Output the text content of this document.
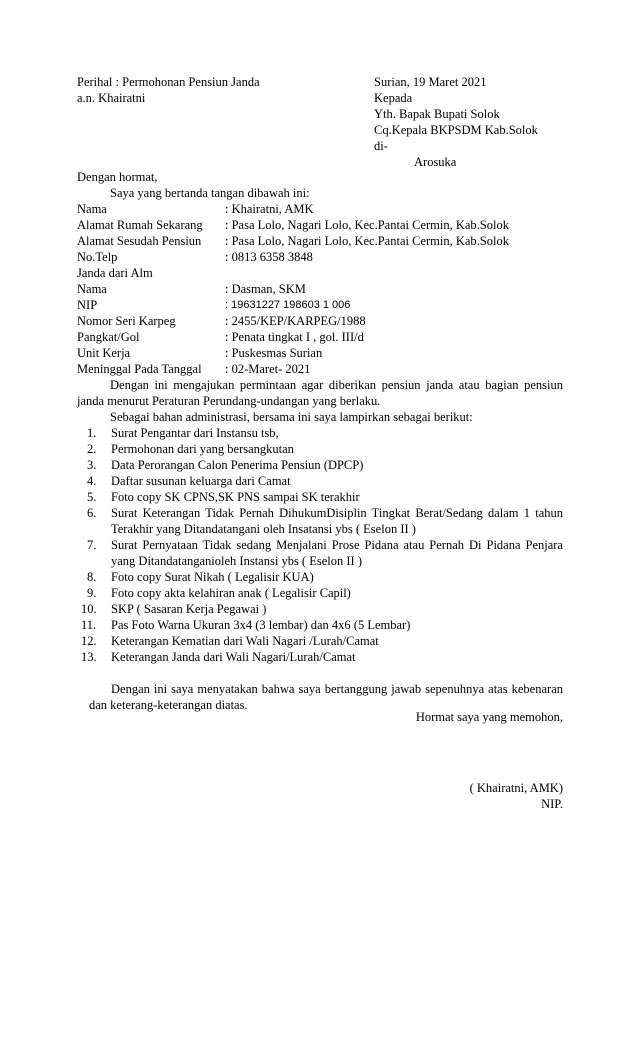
Perihal : Permohonan Pensiun Janda
a.n. Khairatni
Surian, 19 Maret 2021
Kepada
Yth. Bapak Bupati Solok
Cq.Kepala BKPSDM Kab.Solok
di-
Arosuka
Dengan hormat,
Saya yang bertanda tangan dibawah ini:
Nama	: Khairatni, AMK
Alamat Rumah Sekarang	: Pasa Lolo, Nagari Lolo, Kec.Pantai Cermin, Kab.Solok
Alamat Sesudah Pensiun	: Pasa Lolo, Nagari Lolo, Kec.Pantai Cermin, Kab.Solok
No.Telp	: 0813 6358 3848
Janda dari Alm
Nama	: Dasman, SKM
NIP	: 19631227 198603 1 006
Nomor Seri Karpeg	: 2455/KEP/KARPEG/1988
Pangkat/Gol	: Penata tingkat I , gol. III/d
Unit Kerja	: Puskesmas Surian
Meninggal Pada Tanggal	: 02-Maret- 2021
Dengan ini mengajukan permintaan agar diberikan pensiun janda atau bagian pensiun janda menurut Peraturan Perundang-undangan yang berlaku.
Sebagai bahan administrasi, bersama ini saya lampirkan sebagai berikut:
1. Surat Pengantar dari Instansu tsb,
2. Permohonan dari yang bersangkutan
3. Data Perorangan Calon Penerima Pensiun (DPCP)
4. Daftar susunan keluarga dari Camat
5. Foto copy SK CPNS,SK PNS sampai SK terakhir
6. Surat Keterangan Tidak Pernah DihukumDisiplin Tingkat Berat/Sedang dalam 1 tahun Terakhir yang Ditandatangani oleh Insatansi ybs ( Eselon II )
7. Surat Pernyataan Tidak sedang Menjalani Prose Pidana atau Pernah Di Pidana Penjara yang Ditandatanganioleh Instansi ybs ( Eselon II )
8. Foto copy Surat Nikah ( Legalisir KUA)
9. Foto copy akta kelahiran anak ( Legalisir Capil)
10. SKP ( Sasaran Kerja Pegawai )
11. Pas Foto Warna Ukuran 3x4 (3 lembar) dan 4x6 (5 Lembar)
12. Keterangan Kematian dari Wali Nagari /Lurah/Camat
13. Keterangan Janda dari Wali Nagari/Lurah/Camat
Dengan ini saya menyatakan bahwa saya bertanggung jawab sepenuhnya atas kebenaran dan keterang-keterangan diatas.
Hormat saya yang memohon,
( Khairatni, AMK)
NIP.
